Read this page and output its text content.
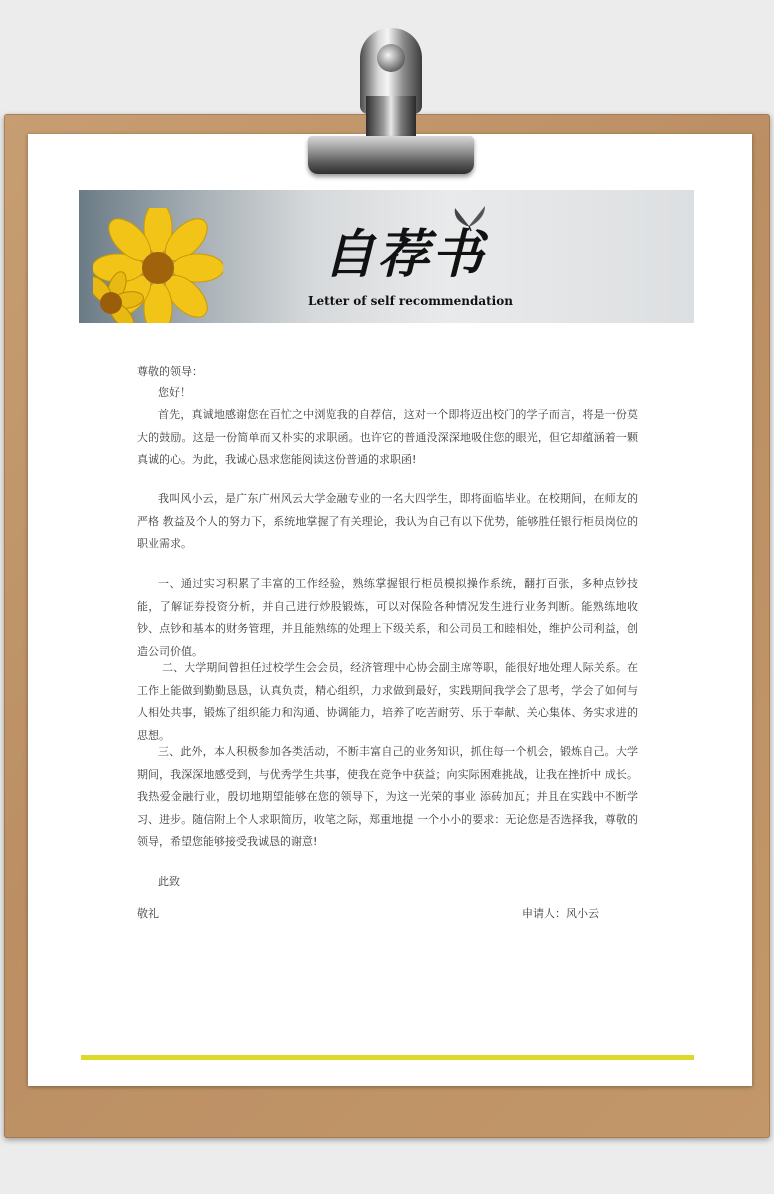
自荐书
Letter of self recommendation
尊敬的领导：
您好！
首先，真诚地感谢您在百忙之中浏览我的自荐信，这对一个即将迈出校门的学子而言，将是一份莫大的鼓励。这是一份简单而又朴实的求职函。也许它的普通没深深地吸住您的眼光，但它却蕴涵着一颗真诚的心。为此，我诚心恳求您能阅读这份普通的求职函!
我叫风小云，是广东广州风云大学金融专业的一名大四学生，即将面临毕业。在校期间，在师友的严格 教益及个人的努力下，系统地掌握了有关理论，我认为自己有以下优势，能够胜任银行柜员岗位的职业需求。
一、通过实习积累了丰富的工作经验，熟练掌握银行柜员模拟操作系统，翻打百张，多种点钞技能，了解证券投资分析，并自己进行炒股锻炼，可以对保险各种情况发生进行业务判断。能熟练地收钞、点钞和基本的财务管理，并且能熟练的处理上下级关系，和公司员工和睦相处，维护公司利益，创造公司价值。
二、大学期间曾担任过校学生会会员，经济管理中心协会副主席等职，能很好地处理人际关系。在工作上能做到勤勤恳恳，认真负责，精心组织，力求做到最好，实践期间我学会了思考，学会了如何与人相处共事，锻炼了组织能力和沟通、协调能力，培养了吃苦耐劳、乐于奉献、关心集体、务实求进的思想。
三、此外，本人积极参加各类活动，不断丰富自己的业务知识，抓住每一个机会，锻炼自己。大学期间，我深深地感受到，与优秀学生共事，使我在竞争中获益；向实际困难挑战，让我在挫折中 成长。我热爱金融行业，殷切地期望能够在您的领导下，为这一光荣的事业 添砖加瓦；并且在实践中不断学习、进步。随信附上个人求职简历，收笔之际，郑重地提 一个小小的要求：无论您是否选择我，尊敬的领导，希望您能够接受我诚恳的谢意!
此致
敬礼	申请人：风小云
